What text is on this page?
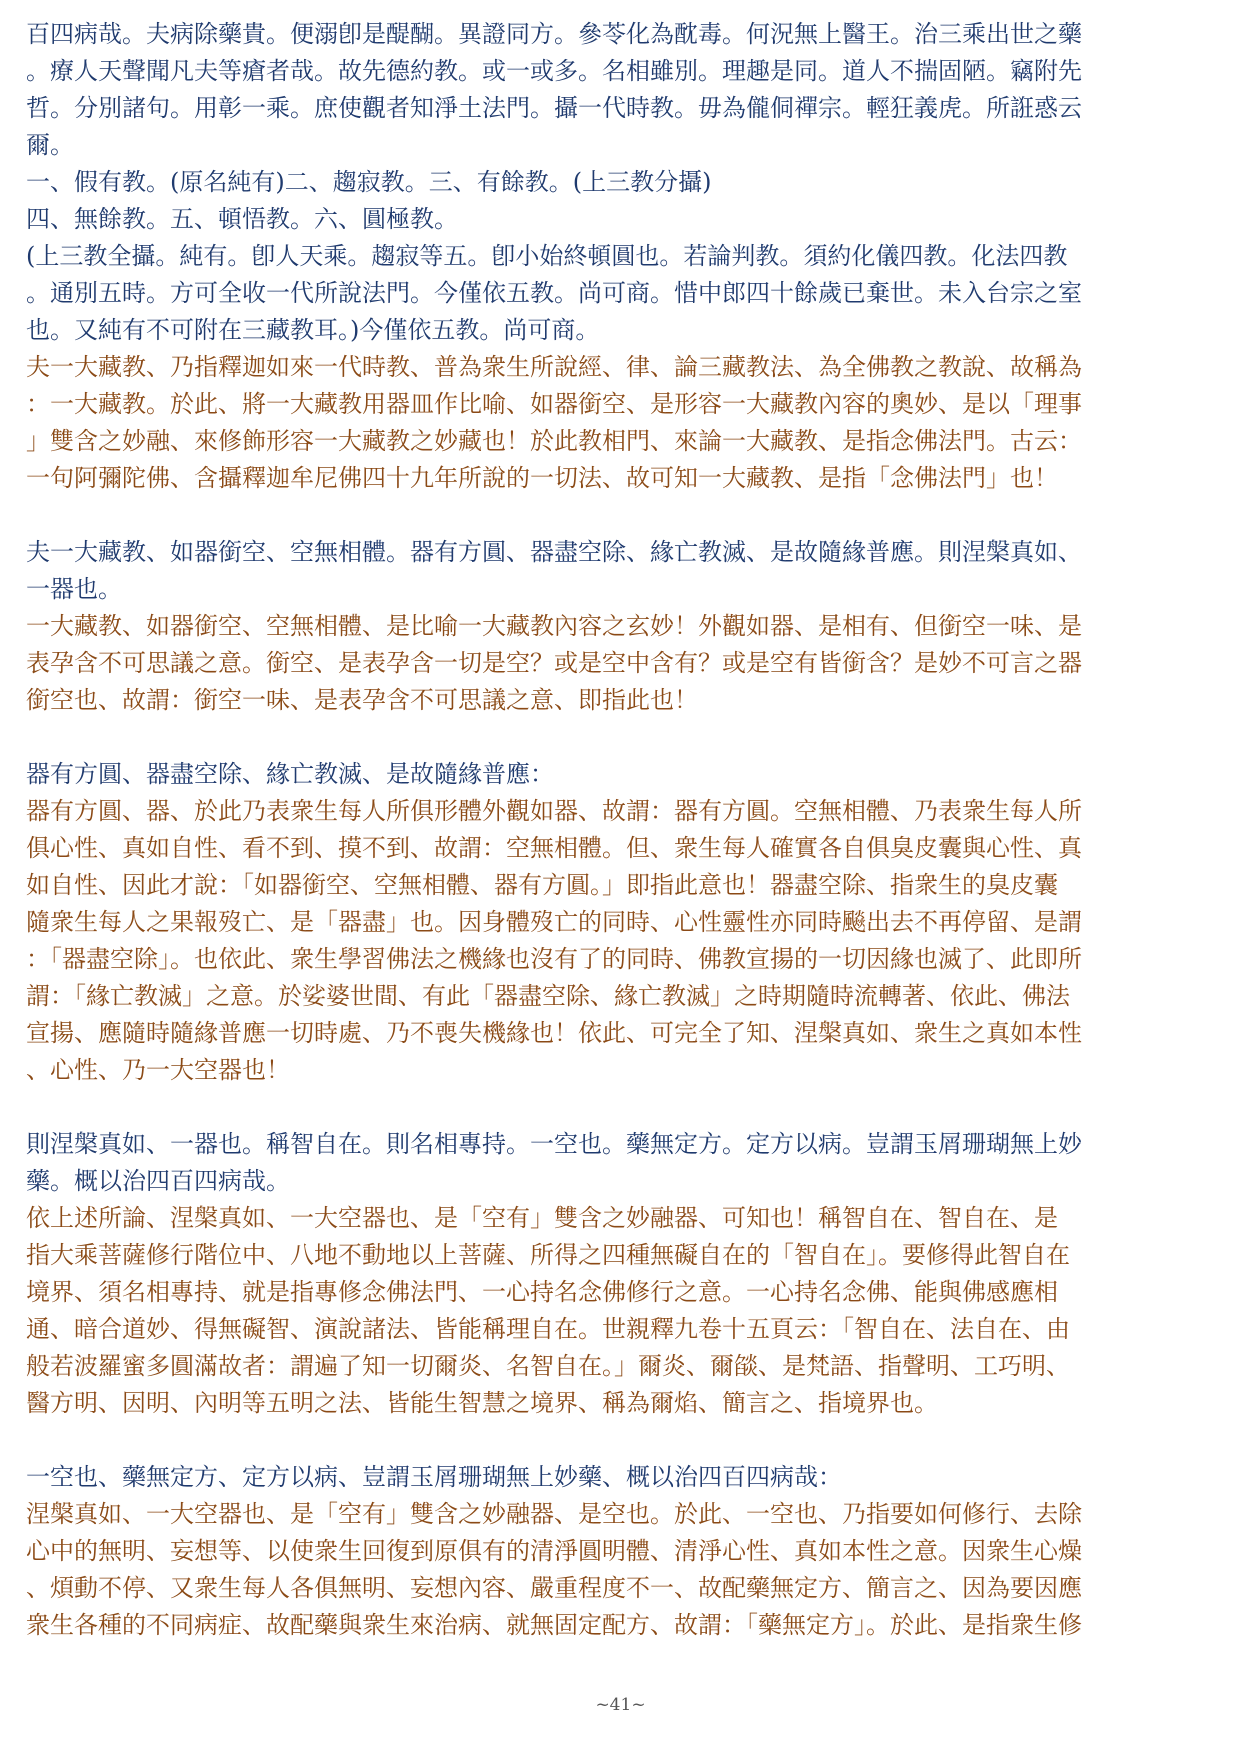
百四病哉。夫病除藥貴。便溺卽是醍醐。異證同方。參苓化為酖毒。何況無上醫王。治三乘出世之藥
。療人天聲聞凡夫等瘡者哉。故先德約教。或一或多。名相雖別。理趣是同。道人不揣固陋。竊附先
哲。分別諸句。用彰一乘。庶使觀者知淨土法門。攝一代時教。毋為儱侗禪宗。輕狂義虎。所誑惑云
爾。
一、假有教。(原名純有)二、趨寂教。三、有餘教。(上三教分攝)
四、無餘教。五、頓悟教。六、圓極教。
(上三教全攝。純有。卽人天乘。趨寂等五。卽小始終頓圓也。若論判教。須約化儀四教。化法四教
。通別五時。方可全收一代所說法門。今僅依五教。尚可商。惜中郎四十餘歲已棄世。未入台宗之室
也。又純有不可附在三藏教耳。)今僅依五教。尚可商。
夫一大藏教、乃指釋迦如來一代時教、普為衆生所說經、律、論三藏教法、為全佛教之教說、故稱為
：一大藏教。於此、將一大藏教用器皿作比喻、如器銜空、是形容一大藏教內容的奧妙、是以「理事
」雙含之妙融、來修飾形容一大藏教之妙藏也！於此教相門、來論一大藏教、是指念佛法門。古云：
一句阿彌陀佛、含攝釋迦牟尼佛四十九年所說的一切法、故可知一大藏教、是指「念佛法門」也！
夫一大藏教、如器銜空、空無相體。器有方圓、器盡空除、緣亡教滅、是故隨緣普應。則涅槃真如、
一器也。
一大藏教、如器銜空、空無相體、是比喻一大藏教內容之玄妙！外觀如器、是相有、但銜空一味、是
表孕含不可思議之意。銜空、是表孕含一切是空？或是空中含有？或是空有皆銜含？是妙不可言之器
銜空也、故謂：銜空一味、是表孕含不可思議之意、即指此也！
器有方圓、器盡空除、緣亡教滅、是故隨緣普應：
器有方圓、器、於此乃表衆生每人所俱形體外觀如器、故謂：器有方圓。空無相體、乃表衆生每人所
俱心性、真如自性、看不到、摸不到、故謂：空無相體。但、衆生每人確實各自俱臭皮囊與心性、真
如自性、因此才說：「如器銜空、空無相體、器有方圓。」即指此意也！器盡空除、指衆生的臭皮囊
隨衆生每人之果報歿亡、是「器盡」也。因身體歿亡的同時、心性靈性亦同時飈出去不再停留、是謂
：「器盡空除」。也依此、衆生學習佛法之機緣也沒有了的同時、佛教宣揚的一切因緣也滅了、此即所
謂：「緣亡教滅」之意。於娑婆世間、有此「器盡空除、緣亡教滅」之時期隨時流轉著、依此、佛法
宣揚、應隨時隨緣普應一切時處、乃不喪失機緣也！依此、可完全了知、涅槃真如、衆生之真如本性
、心性、乃一大空器也！
則涅槃真如、一器也。稱智自在。則名相專持。一空也。藥無定方。定方以病。豈謂玉屑珊瑚無上妙
藥。概以治四百四病哉。
依上述所論、涅槃真如、一大空器也、是「空有」雙含之妙融器、可知也！稱智自在、智自在、是
指大乘菩薩修行階位中、八地不動地以上菩薩、所得之四種無礙自在的「智自在」。要修得此智自在
境界、須名相專持、就是指專修念佛法門、一心持名念佛修行之意。一心持名念佛、能與佛感應相
通、暗合道妙、得無礙智、演說諸法、皆能稱理自在。世親釋九卷十五頁云：「智自在、法自在、由
般若波羅蜜多圓滿故者：謂遍了知一切爾炎、名智自在。」爾炎、爾燄、是梵語、指聲明、工巧明、
醫方明、因明、內明等五明之法、皆能生智慧之境界、稱為爾焰、簡言之、指境界也。
一空也、藥無定方、定方以病、豈謂玉屑珊瑚無上妙藥、概以治四百四病哉：
涅槃真如、一大空器也、是「空有」雙含之妙融器、是空也。於此、一空也、乃指要如何修行、去除
心中的無明、妄想等、以使衆生回復到原俱有的清淨圓明體、清淨心性、真如本性之意。因衆生心燥
、煩動不停、又衆生每人各俱無明、妄想內容、嚴重程度不一、故配藥無定方、簡言之、因為要因應
衆生各種的不同病症、故配藥與衆生來治病、就無固定配方、故謂：「藥無定方」。於此、是指衆生修
~41~
